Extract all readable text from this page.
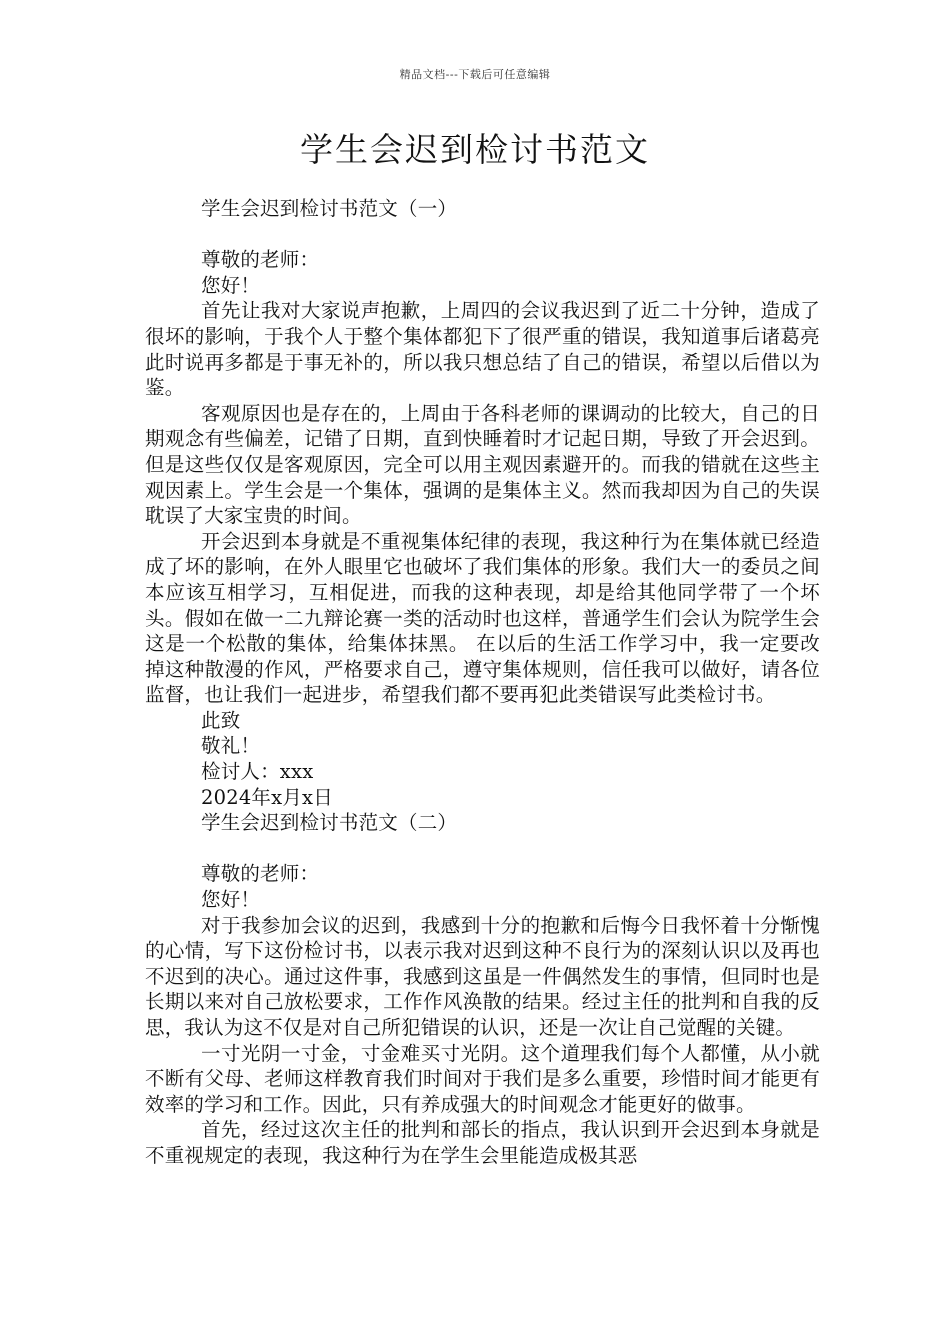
精品文档---下载后可任意编辑
学生会迟到检讨书范文

学生会迟到检讨书范文（一）

尊敬的老师：

您好！

首先让我对大家说声抱歉，上周四的会议我迟到了近二十分钟，造成了很坏的影响，于我个人于整个集体都犯下了很严重的错误，我知道事后诸葛亮此时说再多都是于事无补的，所以我只想总结了自己的错误，希望以后借以为鉴。

客观原因也是存在的，上周由于各科老师的课调动的比较大，自己的日期观念有些偏差，记错了日期，直到快睡着时才记起日期，导致了开会迟到。但是这些仅仅是客观原因，完全可以用主观因素避开的。而我的错就在这些主观因素上。学生会是一个集体，强调的是集体主义。然而我却因为自己的失误耽误了大家宝贵的时间。

开会迟到本身就是不重视集体纪律的表现，我这种行为在集体就已经造成了坏的影响，在外人眼里它也破坏了我们集体的形象。我们大一的委员之间本应该互相学习，互相促进，而我的这种表现，却是给其他同学带了一个坏头。假如在做一二九辩论赛一类的活动时也这样，普通学生们会认为院学生会这是一个松散的集体，给集体抹黑。 在以后的生活工作学习中，我一定要改掉这种散漫的作风，严格要求自己，遵守集体规则，信任我可以做好，请各位监督，也让我们一起进步，希望我们都不要再犯此类错误写此类检讨书。

此致

敬礼！

检讨人：xxx

2024年x月x日

学生会迟到检讨书范文（二）

尊敬的老师：

您好！

对于我参加会议的迟到，我感到十分的抱歉和后悔今日我怀着十分惭愧的心情，写下这份检讨书，以表示我对迟到这种不良行为的深刻认识以及再也不迟到的决心。通过这件事，我感到这虽是一件偶然发生的事情，但同时也是长期以来对自己放松要求，工作作风涣散的结果。经过主任的批判和自我的反思，我认为这不仅是对自己所犯错误的认识，还是一次让自己觉醒的关键。

一寸光阴一寸金，寸金难买寸光阴。这个道理我们每个人都懂，从小就不断有父母、老师这样教育我们时间对于我们是多么重要，珍惜时间才能更有效率的学习和工作。因此，只有养成强大的时间观念才能更好的做事。

首先，经过这次主任的批判和部长的指点，我认识到开会迟到本身就是不重视规定的表现，我这种行为在学生会里能造成极其恶
